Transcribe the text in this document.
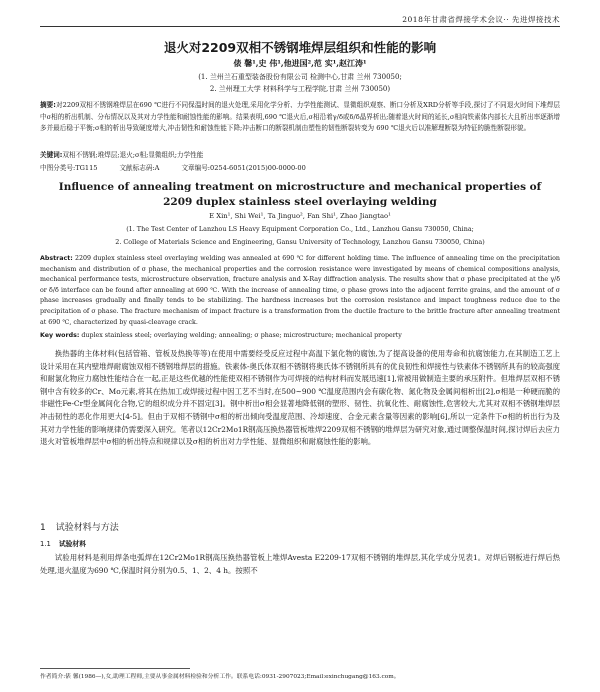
2018年甘肃省焊接学术会议·· 先进焊接技术
退火对2209双相不锈钢堆焊层组织和性能的影响
俵 馨¹,史 伟¹,他进国²,范 实¹,赵江涛¹
(1. 兰州兰石重型装备股份有限公司 检测中心,甘肃 兰州 730050;
2. 兰州理工大学 材料科学与工程学院,甘肃 兰州 730050)
摘要:对2209双相不锈钢堆焊层在690 ℃进行不同保温时间的退火处理,采用化学分析、力学性能测试、显微组织观察、断口分析及XRD分析等手段,探讨了不同退火时间下堆焊层中σ相的析出机制、分布情况以及其对力学性能和耐蚀性能的影响。结果表明,690 ℃退火后,σ相沿着γ/δ或δ/δ晶界析出;随着退火时间的延长,σ相向铁素体内部长大且析出率逐渐增多并最后稳于平衡;σ相的析出导致硬度增大,冲击韧性和耐蚀性能下降;冲击断口的断裂机制由塑性的韧性断裂转变为 690 ℃退火后以准解理断裂为特征的脆性断裂形貌。
关键词:双相不锈钢;堆焊层;退火;σ相;显微组织;力学性能
中图分类号:TG115	文献标志码:A	文章编号:0254-6051(2015)00-0000-00
Influence of annealing treatment on microstructure and mechanical properties of
2209 duplex stainless steel overlaying welding
E Xin¹, Shi Wei¹, Ta Jinguo², Fan Shi¹, Zhao Jiangtao¹
(1. The Test Center of Lanzhou LS Heavy Equipment Corporation Co., Ltd., Lanzhou Gansu 730050, China;
2. College of Materials Science and Engineering, Gansu University of Technology, Lanzhou Gansu 730050, China)
Abstract: 2209 duplex stainless steel overlaying welding was annealed at 690 ℃ for different holding time. The influence of annealing time on the precipitation mechanism and distribution of σ phase, the mechanical properties and the corrosion resistance were investigated by means of chemical compositions analysis, mechanical performance tests, microstructure observation, fracture analysis and X-Ray diffraction analysis. The results show that σ phase precipitated at the γ/δ or δ/δ interface can be found after annealing at 690 ℃. With the increase of annealing time, σ phase grows into the adjacent ferrite grains, and the amount of σ phase increases gradually and finally tends to be stabilizing. The hardness increases but the corrosion resistance and impact toughness reduce due to the precipitation of σ phase. The fracture mechanism of impact fracture is a transformation from the ductile fracture to the brittle fracture after annealing treatment at 690 ℃, characterized by quasi-cleavage crack.
Key words: duplex stainless steel; overlaying welding; annealing; σ phase; microstructure; mechanical property
换热器的主体材料(包括管箱、管板及热换等等)在使用中需要经受反应过程中高温下氯化物的腐蚀,为了提高设备的使用寿命和抗腐蚀能力,在其制造工艺上设计采用在其内壁堆焊耐腐蚀双相不锈钢堆焊层的措施。铁素体-奥氏体双相不锈钢将奥氏体不锈钢所具有的优良韧性和焊接性与铁素体不锈钢所具有的较高强度和耐氯化物应力腐蚀性能结合在一起,正是这些优越的性能使双相不锈钢作为可焊接的结构材料而发展迅速[1],常被用做制造主要的承压附件。但堆焊层双相不锈钢中含有较多的Cr、Mo元素,将其在热加工或焊接过程中因工艺不当时,在500~900 ℃温度范围内会有碳化物、氮化物及金属间相析出[2],σ相是一种硬而脆的非磁性Fe-Cr型金属间化合物,它的组织成分并不固定[3]。钢中析出σ相会显著地降低钢的塑形、韧性、抗氧化性、耐腐蚀性,危害较大,尤其对双相不锈钢堆焊层冲击韧性的恶化作用更大[4-5]。但由于双相不锈钢中σ相的析出倾向受温度范围、冷却速度、合金元素含量等因素的影响[6],所以一定条件下σ相的析出行为及其对力学性能的影响规律仍需要深入研究。笔者以12Cr2Mo1R钢高压换热器管板堆焊2209双相不锈钢的堆焊层为研究对象,通过调整保温时间,探讨焊后去应力退火对管板堆焊层中σ相的析出特点和规律以及σ相的析出对力学性能、显微组织和耐腐蚀性能的影响。
1 试验材料与方法
1.1 试验材料
试验用材料是利用焊条电弧焊在12Cr2Mo1R钢高压换热器管板上堆焊Avesta E2209-17双相不锈钢的堆焊层,其化学成分见表1。对焊后钢板进行焊后热处理,退火温度为690 ℃,保温时间分别为0.5、1、2、4 h。按照不
作者简介:俵 馨(1986—),女,助理工程师,主要从事金属材料检验和分析工作。联系电话:0931-2907023;Email:exinchugang@163.com。
